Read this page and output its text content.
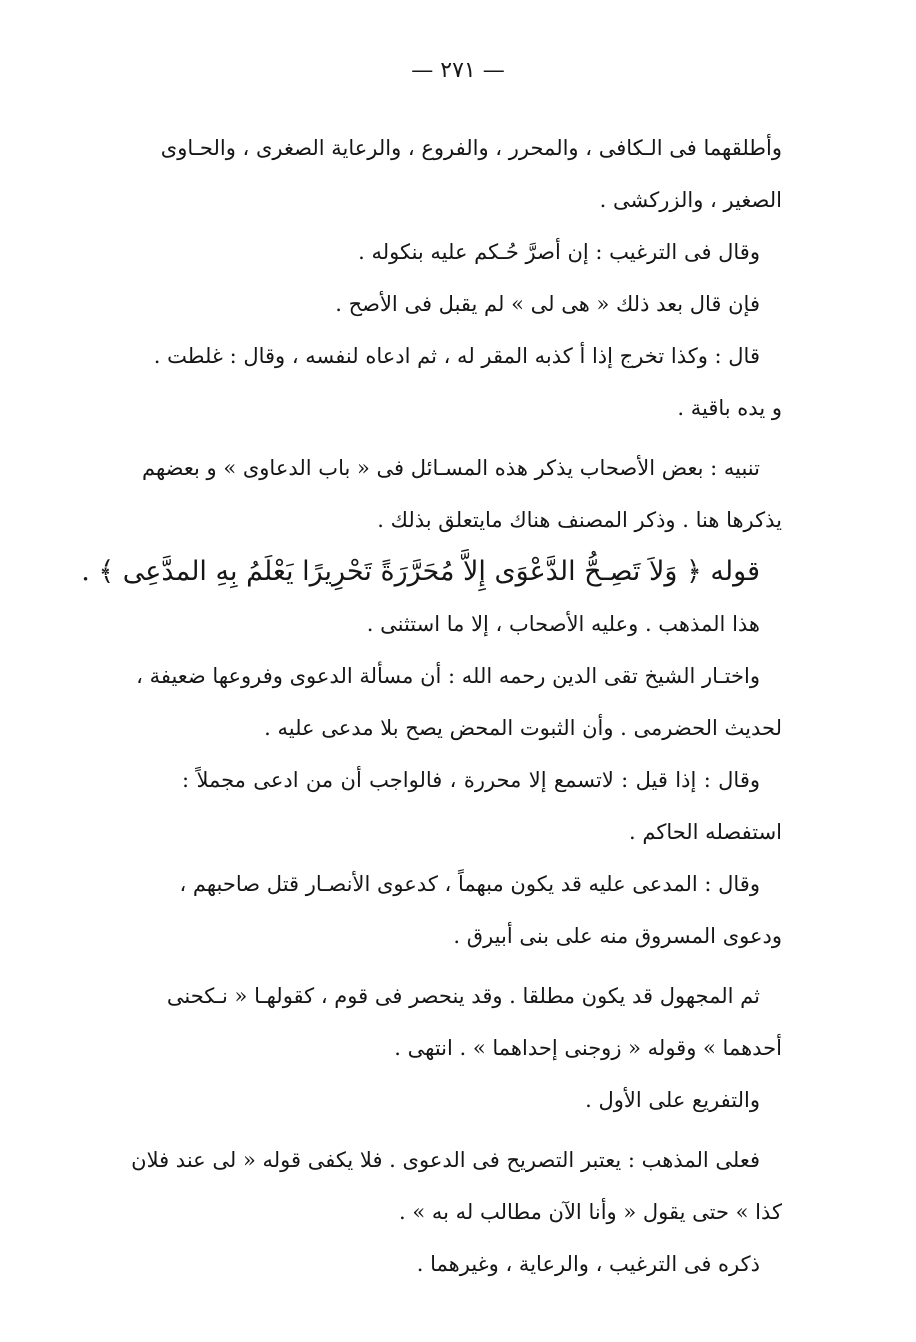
— ٢٧١ —
وأطلقهما فى الـكافى ، والمحرر ، والفروع ، والرعاية الصغرى ، والحـاوى
الصغير ، والزركشى .
وقال فى الترغيب : إن أصرَّ حُـكم عليه بنكوله .
فإن قال بعد ذلك « هى لى » لم يقبل فى الأصح .
قال : وكذا تخرج إذا أ كذبه المقر له ، ثم ادعاه لنفسه ، وقال : غلطت .
و يده باقية .
تنبيه : بعض الأصحاب يذكر هذه المسـائل فى « باب الدعاوى » و بعضهم
يذكرها هنا . وذكر المصنف هناك مايتعلق بذلك .
قوله ﴿ وَلاَ تَصِـحُّ الدَّعْوَى إِلاَّ مُحَرَّرَةً تَحْرِيرًا يَعْلَمُ بِهِ المدَّعِى ﴾ .
هذا المذهب . وعليه الأصحاب ، إلا ما استثنى .
واختـار الشيخ تقى الدين رحمه الله : أن مسألة الدعوى وفروعها ضعيفة ،
لحديث الحضرمى . وأن الثبوت المحض يصح بلا مدعى عليه .
وقال : إذا قيل : لاتسمع إلا محررة ، فالواجب أن من ادعى مجملاً :
استفصله الحاكم .
وقال : المدعى عليه قد يكون مبهماً ، كدعوى الأنصـار قتل صاحبهم ،
ودعوى المسروق منه على بنى أبيرق .
ثم المجهول قد يكون مطلقا . وقد ينحصر فى قوم ، كقولهـا « نـكحنى
أحدهما » وقوله « زوجنى إحداهما » . انتهى .
والتفريع على الأول .
فعلى المذهب : يعتبر التصريح فى الدعوى . فلا يكفى قوله « لى عند فلان
كذا » حتى يقول « وأنا الآن مطالب له به » .
ذكره فى الترغيب ، والرعاية ، وغيرهما .
